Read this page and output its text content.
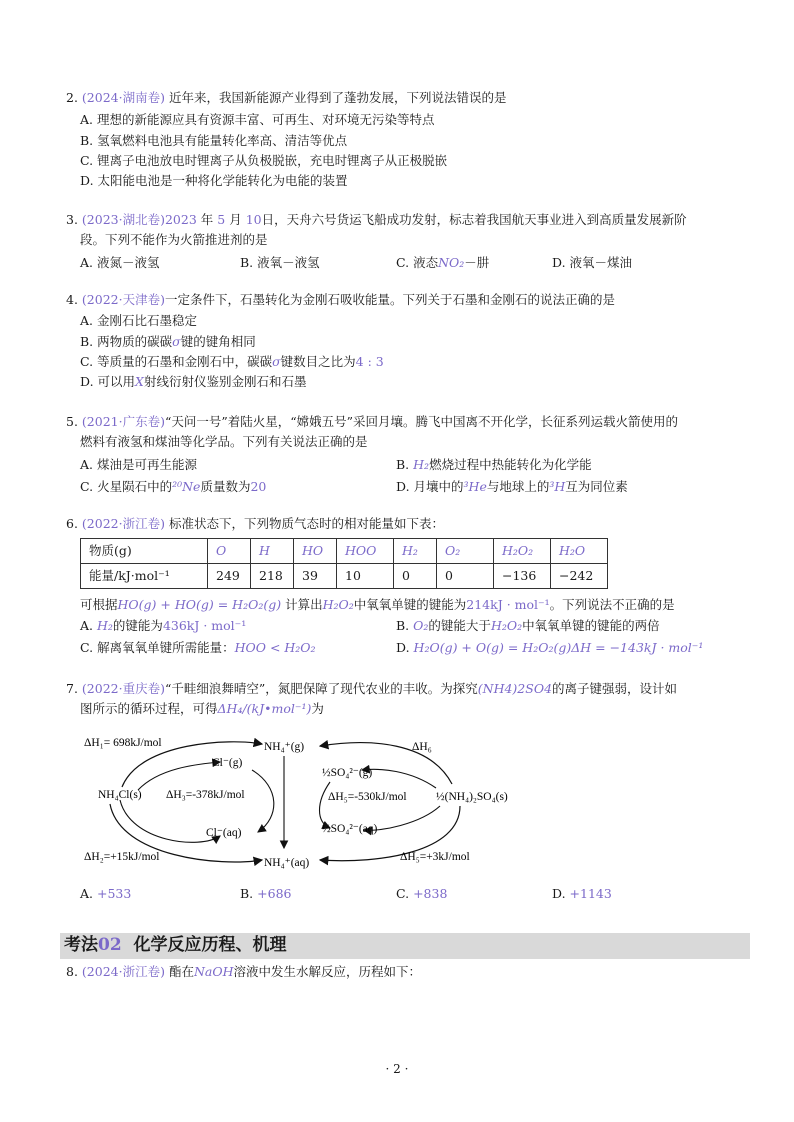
2. (2024·湖南卷) 近年来，我国新能源产业得到了蓬勃发展，下列说法错误的是
A. 理想的新能源应具有资源丰富、可再生、对环境无污染等特点
B. 氢氧燃料电池具有能量转化率高、清洁等优点
C. 锂离子电池放电时锂离子从负极脱嵌，充电时锂离子从正极脱嵌
D. 太阳能电池是一种将化学能转化为电能的装置
3. (2023·湖北卷)2023 年 5 月 10日，天舟六号货运飞船成功发射，标志着我国航天事业进入到高质量发展新阶
段。下列不能作为火箭推进剂的是
A. 液氮－液氢	B. 液氧－液氢	C. 液态NO₂－肼	D. 液氧－煤油
4. (2022·天津卷)一定条件下，石墨转化为金刚石吸收能量。下列关于石墨和金刚石的说法正确的是
A. 金刚石比石墨稳定
B. 两物质的碳碳σ键的键角相同
C. 等质量的石墨和金刚石中，碳碳σ键数目之比为4 : 3
D. 可以用X射线衍射仪鉴别金刚石和石墨
5. (2021·广东卷)“天问一号”着陆火星，“嫦娥五号”采回月壤。腾飞中国离不开化学，长征系列运载火箭使用的
燃料有液氢和煤油等化学品。下列有关说法正确的是
A. 煤油是可再生能源	B. H₂燃烧过程中热能转化为化学能
C. 火星陨石中的²⁰Ne质量数为20	D. 月壤中的³He与地球上的³H互为同位素
6. (2022·浙江卷) 标准状态下，下列物质气态时的相对能量如下表：
物质(g)	O	H	HO	HOO	H₂	O₂	H₂O₂	H₂O
能量/kJ·mol⁻¹	249	218	39	10	0	0	−136	−242
可根据HO(g) + HO(g) = H₂O₂(g) 计算出H₂O₂中氧氧单键的键能为214kJ · mol⁻¹。下列说法不正确的是
A. H₂的键能为436kJ · mol⁻¹	B. O₂的键能大于H₂O₂中氧氧单键的键能的两倍
C. 解离氧氧单键所需能量：HOO < H₂O₂	D. H₂O(g) + O(g) = H₂O₂(g)ΔH = −143kJ · mol⁻¹
7. (2022·重庆卷)“千畦细浪舞晴空”，氮肥保障了现代农业的丰收。为探究(NH4)2SO4的离子键强弱，设计如
图所示的循环过程，可得ΔH₄/(kJ•mol⁻¹)为
ΔH₁= 698kJ/mol	NH₄⁺(g)	ΔH₆
Cl⁻(g)
½SO₄²⁻(g)
NH₄Cl(s) ΔH₃=-378kJ/mol	ΔH₅=-530kJ/mol	½(NH₄)₂SO₄(s)
Cl⁻(aq)	½SO₄²⁻(aq)
ΔH₂=+15kJ/mol	NH₄⁺(aq)	ΔH₅=+3kJ/mol
A. +533	B. +686	C. +838	D. +1143
考法02 化学反应历程、机理
8. (2024·浙江卷) 酯在NaOH溶液中发生水解反应，历程如下：
· 2 ·
